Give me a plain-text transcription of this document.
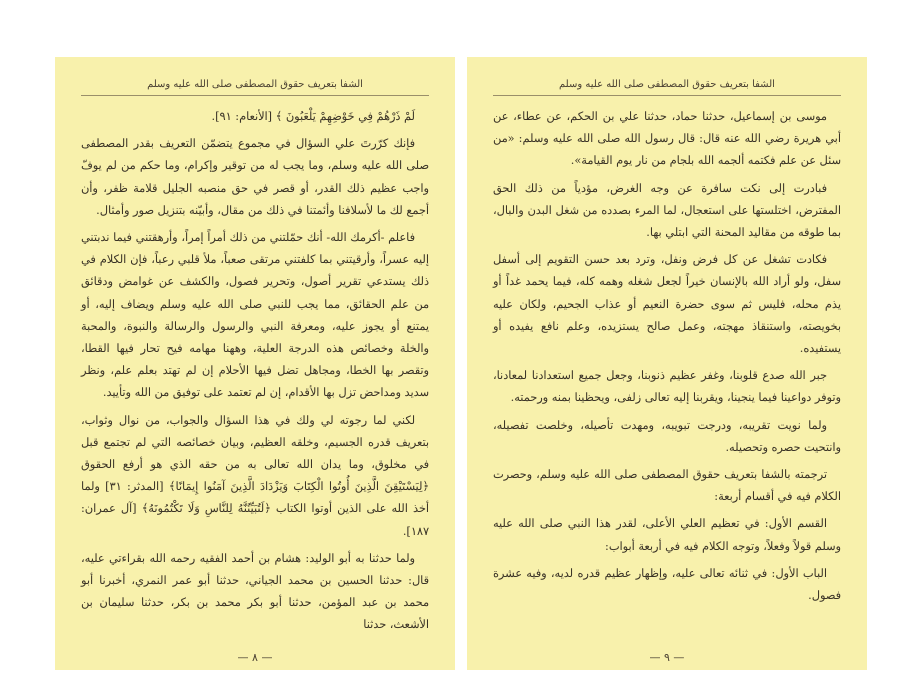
الشفا بتعريف حقوق المصطفى صلى الله عليه وسلم

لَمْ ذَرْهُمْ فِي خَوْضِهِمْ يَلْعَبُونَ ﴾ [الأنعام: ٩١].

فإنك كرّرتَ علي السؤال في مجموع يتضمّن التعريف بقدر المصطفى صلى الله عليه وسلم، وما يجب له من توقير وإكرام، وما حكم من لم يوفّ واجب عظيم ذلك القدر، أو قصر في حق منصبه الجليل قلامة ظفر، وأن أجمع لك ما لأسلافنا وأئمتنا في ذلك من مقال، وأبيّنه بتنزيل صور وأمثال.

فاعلم -أكرمك الله- أنك حمّلتني من ذلك أمراً إمراً، وأرهقتني فيما ندبتني إليه عسراً، وأرقيتني بما كلفتني مرتقى صعباً، ملأ قلبي رعباً، فإن الكلام في ذلك يستدعي تقرير أصول، وتحرير فصول، والكشف عن غوامض ودقائق من علم الحقائق، مما يجب للنبي صلى الله عليه وسلم ويضاف إليه، أو يمتنع أو يجوز عليه، ومعرفة النبي والرسول والرسالة والنبوة، والمحبة والخلة وخصائص هذه الدرجة العلية، وههنا مهامه فيح تحار فيها القطا، وتقصر بها الخطا، ومجاهل تضل فيها الأحلام إن لم تهتد بعلم علم، ونظر سديد ومداحض تزل بها الأقدام، إن لم تعتمد على توفيق من الله وتأييد.

لكني لما رجوته لي ولك في هذا السؤال والجواب، من نوال وثواب، بتعريف قدره الجسيم، وخلقه العظيم، وبيان خصائصه التي لم تجتمع قبل في مخلوق، وما يدان الله تعالى به من حقه الذي هو أرفع الحقوق ﴿لِيَسْتَيْقِنَ الَّذِينَ أُوتُوا الْكِتَابَ وَيَزْدَادَ الَّذِينَ آمَنُوا إِيمَانًا﴾ [المدثر: ٣١] ولما أخذ الله على الذين أوتوا الكتاب ﴿لَتُبَيِّنُنَّهُ لِلنَّاسِ وَلَا تَكْتُمُونَهُ﴾ [آل عمران: ١٨٧].

ولما حدثنا به أبو الوليد: هشام بن أحمد الفقيه رحمه الله بقراءتي عليه، قال: حدثنا الحسين بن محمد الجياني، حدثنا أبو عمر النمري، أخبرنا أبو محمد بن عبد المؤمن، حدثنا أبو بكر محمد بن بكر، حدثنا سليمان بن الأشعث، حدثنا

— ٨ —
الشفا بتعريف حقوق المصطفى صلى الله عليه وسلم

موسى بن إسماعيل، حدثنا حماد، حدثنا علي بن الحكم، عن عطاء، عن أبي هريرة رضي الله عنه قال: قال رسول الله صلى الله عليه وسلم: «من سئل عن علم فكتمه ألجمه الله بلجام من نار يوم القيامة».

فبادرت إلى نكت سافرة عن وجه الغرض، مؤدياً من ذلك الحق المفترض، اختلستها على استعجال، لما المرء بصدده من شغل البدن والبال، بما طوقه من مقاليد المحنة التي ابتلي بها.

فكادت تشغل عن كل فرض ونفل، وترد بعد حسن التقويم إلى أسفل سفل، ولو أراد الله بالإنسان خيراً لجعل شغله وهمه كله، فيما يحمد غداً أو يذم محله، فليس ثم سوى حضرة النعيم أو عذاب الجحيم، ولكان عليه بخويصته، واستنقاذ مهجته، وعمل صالح يستزيده، وعلم نافع يفيده أو يستفيده.

جبر الله صدع قلوبنا، وغفر عظيم ذنوبنا، وجعل جميع استعدادنا لمعادنا، وتوفر دواعينا فيما ينجينا، ويقربنا إليه تعالى زلفى، ويحظينا بمنه ورحمته.

ولما نويت تقريبه، ودرجت تبويبه، ومهدت تأصيله، وخلصت تفصيله، وانتحيت حصره وتحصيله.

ترجمته بالشفا بتعريف حقوق المصطفى صلى الله عليه وسلم، وحصرت الكلام فيه في أقسام أربعة:

القسم الأول: في تعظيم العلي الأعلى، لقدر هذا النبي صلى الله عليه وسلم قولاً وفعلاً، وتوجه الكلام فيه في أربعة أبواب:

الباب الأول: في ثنائه تعالى عليه، وإظهار عظيم قدره لديه، وفيه عشرة فصول.

— ٩ —
